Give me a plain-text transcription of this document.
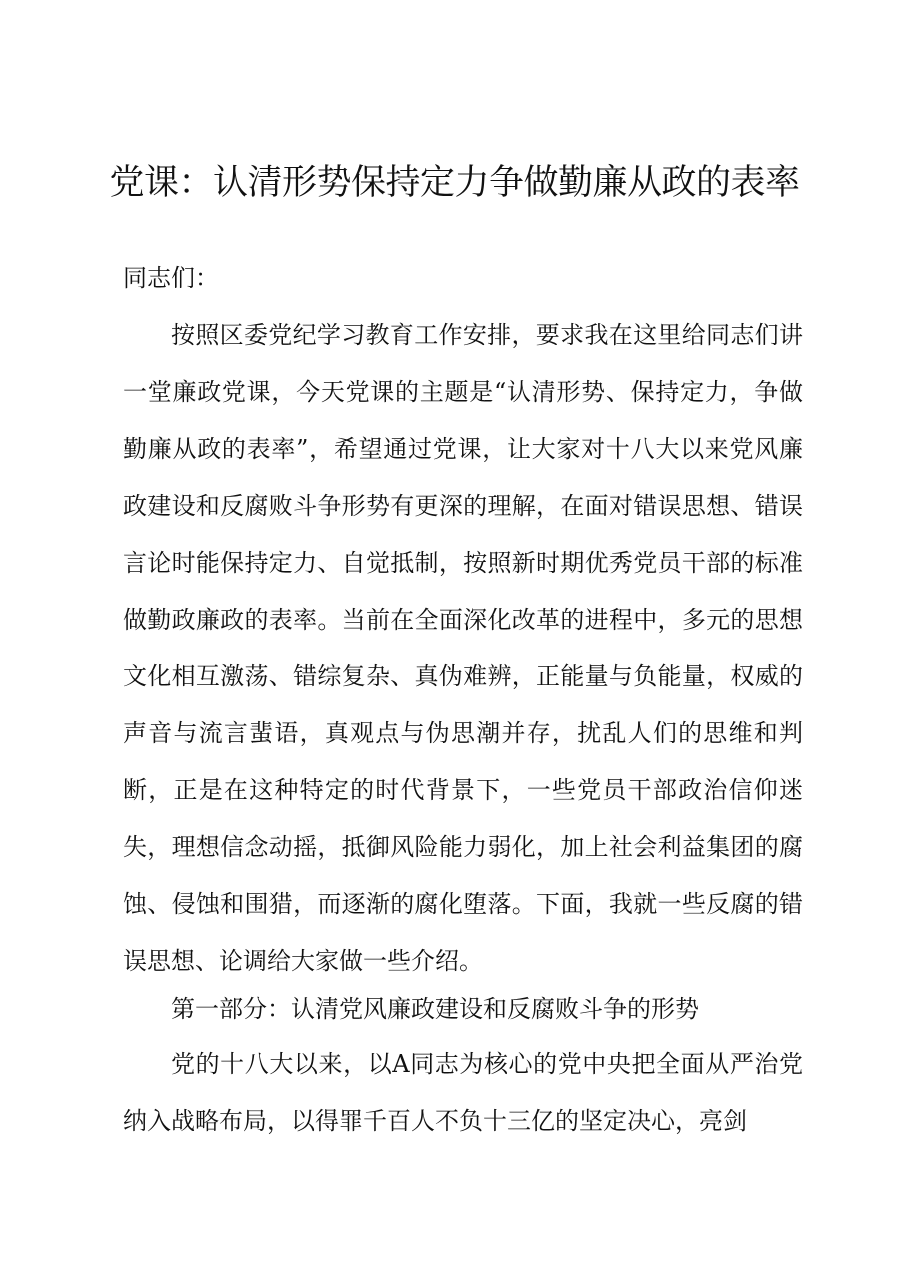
党课：认清形势保持定力争做勤廉从政的表率
同志们：

按照区委党纪学习教育工作安排，要求我在这里给同志们讲一堂廉政党课，今天党课的主题是“认清形势、保持定力，争做勤廉从政的表率”，希望通过党课，让大家对十八大以来党风廉政建设和反腐败斗争形势有更深的理解，在面对错误思想、错误言论时能保持定力、自觉抵制，按照新时期优秀党员干部的标准做勤政廉政的表率。当前在全面深化改革的进程中，多元的思想文化相互激荡、错综复杂、真伪难辨，正能量与负能量，权威的声音与流言蜚语，真观点与伪思潮并存，扰乱人们的思维和判断，正是在这种特定的时代背景下，一些党员干部政治信仰迷失，理想信念动摇，抵御风险能力弱化，加上社会利益集团的腐蚀、侵蚀和围猎，而逐渐的腐化堕落。下面，我就一些反腐的错误思想、论调给大家做一些介绍。

第一部分：认清党风廉政建设和反腐败斗争的形势

党的十八大以来，以A同志为核心的党中央把全面从严治党纳入战略布局，以得罪千百人不负十三亿的坚定决心，亮剑
